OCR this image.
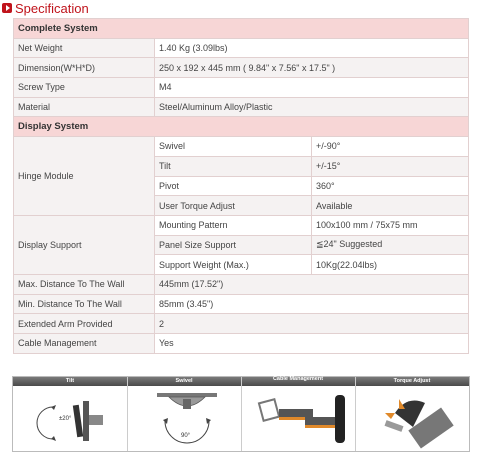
Specification
Complete System		
Net Weight	1.40 Kg (3.09lbs)	
Dimension(W*H*D)	250 x 192 x 445 mm ( 9.84" x 7.56" x 17.5" )	
Screw Type	M4	
Material	Steel/Aluminum Alloy/Plastic	
Display System		
Hinge Module	Swivel	+/-90°
	Tilt	+/-15°
	Pivot	360°
	User Torque Adjust	Available
Display Support	Mounting Pattern	100x100 mm / 75x75 mm
	Panel Size Support	≦24" Suggested
	Support Weight (Max.)	10Kg(22.04lbs)
Max. Distance To The Wall	445mm (17.52")	
Min. Distance To The Wall	85mm (3.45")	
Extended Arm Provided	2	
Cable Management	Yes	
Tilt	Swivel	Cable Management	Torque Adjust
±20°
90°
